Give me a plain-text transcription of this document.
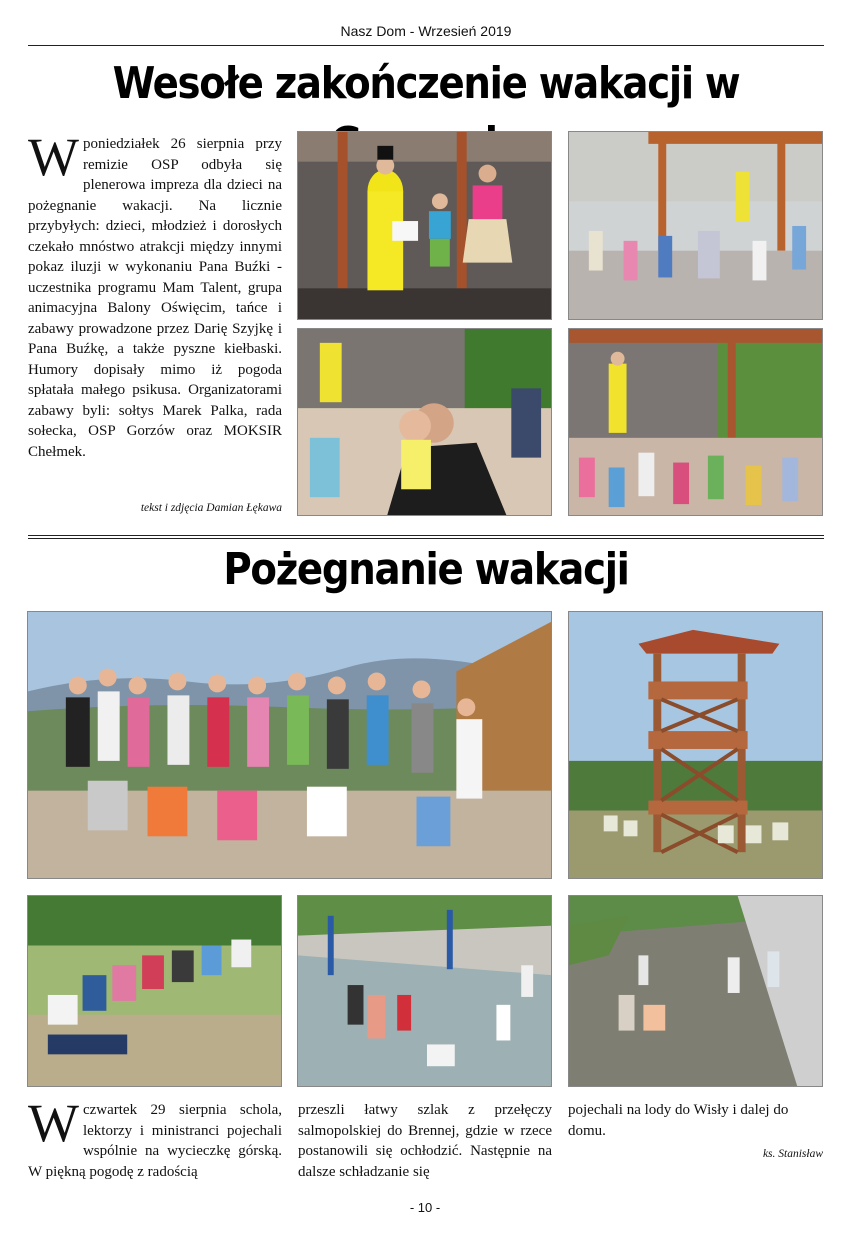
Nasz Dom - Wrzesień 2019
Wesołe zakończenie wakacji w
Wponiedziałek 26 sierpnia przy remizie OSP odbyła się plenerowa impreza dla dzieci na pożegnanie wakacji. Na licznie przybyłych: dzieci, młodzież i dorosłych czekało mnóstwo atrakcji między innymi pokaz iluzji w wykonaniu Pana Buźki - uczestnika programu Mam Talent, grupa animacyjna Balony Oświęcim, tańce i zabawy prowadzone przez Darię Szyjkę i Pana Buźkę, a także pyszne kiełbaski. Humory dopisały mimo iż pogoda spłatała małego psikusa. Organizatorami zabawy byli: sołtys Marek Palka, rada sołecka, OSP Gorzów oraz MOKSIR Chełmek.
tekst i zdjęcia Damian Łękawa
Pożegnanie wakacji
Wczwartek 29 sierpnia schola, lektorzy i ministranci pojechali wspólnie na wycieczkę górską. W piękną pogodę z radością
przeszli łatwy szlak z przełęczy salmopolskiej do Brennej, gdzie w rzece postanowili się ochłodzić. Następnie na dalsze schładzanie się
pojechali na lody do Wisły i dalej do domu.
ks. Stanisław
- 10 -
